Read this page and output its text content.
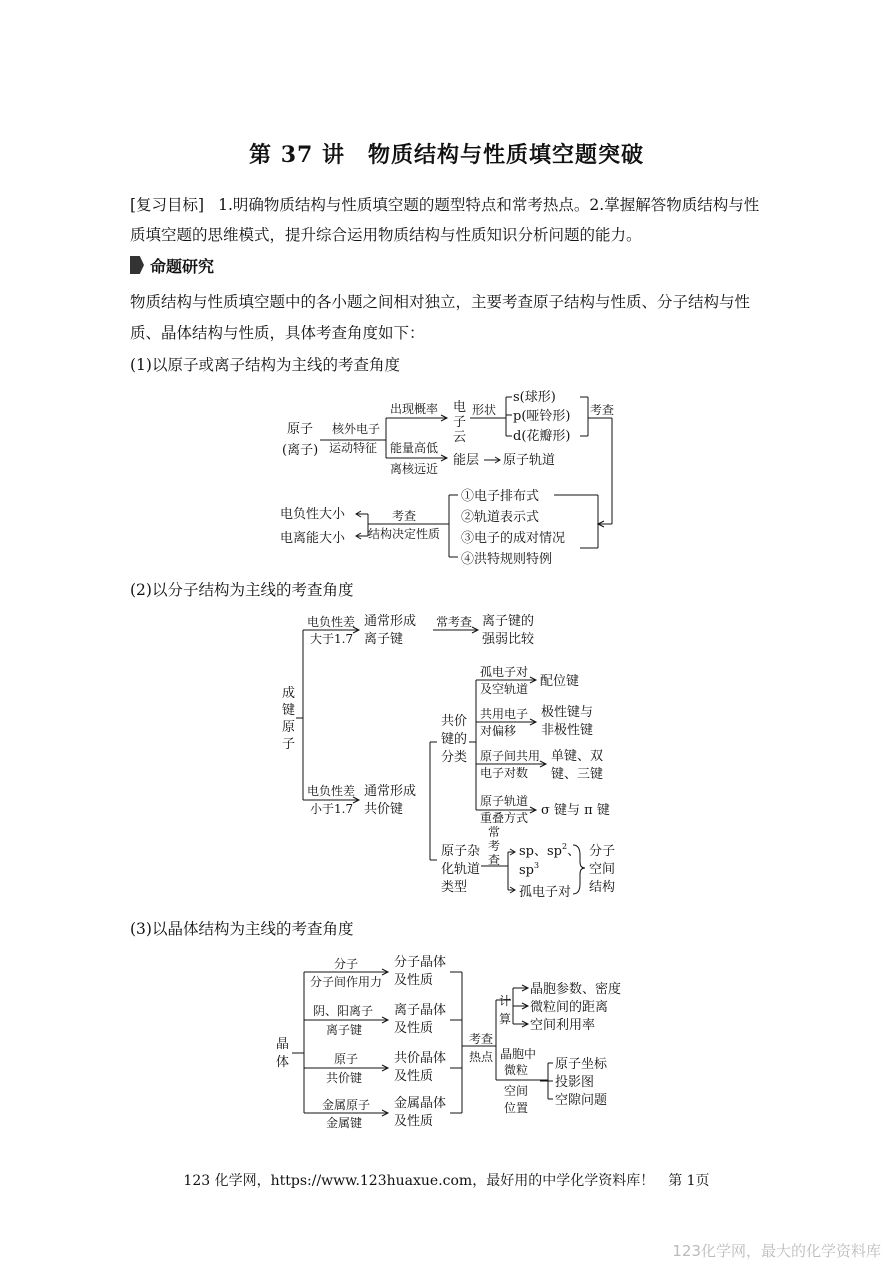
第 37 讲　物质结构与性质填空题突破
[复习目标] 1.明确物质结构与性质填空题的题型特点和常考热点。2.掌握解答物质结构与性
质填空题的思维模式，提升综合运用物质结构与性质知识分析问题的能力。
命题研究
物质结构与性质填空题中的各小题之间相对独立，主要考查原子结构与性质、分子结构与性
质、晶体结构与性质，具体考查角度如下：
(1)以原子或离子结构为主线的考查角度
(2)以分子结构为主线的考查角度
(3)以晶体结构为主线的考查角度
原子
(离子)
核外电子
运动特征
出现概率
能量高低
离核远近
电
子
云
形状
s(球形)
p(哑铃形)
d(花瓣形)
考查
能层 原子轨道
①电子排布式
②轨道表示式
③电子的成对情况
④洪特规则特例
考查
结构决定性质
电负性大小
电离能大小
成
键
原
子
电负性差
大于1.7
通常形成
离子键
常考查 离子键的
强弱比较
电负性差
小于1.7
通常形成
共价键
共价
键的
分类
孤电子对
及空轨道 配位键
共用电子
对偏移
极性键与
非极性键
原子间共用
电子对数
单键、双
键、三键
原子轨道
重叠方式 σ 键与 π 键
原子杂
化轨道
类型
常
考
查
sp、$sp^2$、
$sp^3$
孤电子对
分子
空间
结构
晶
体
分子
分子间作用力
分子晶体
及性质
阴、阳离子
离子键
离子晶体
及性质
原子
共价键
共价晶体
及性质
金属原子
金属键
金属晶体
及性质
考查
热点
计
算
晶胞参数、密度
微粒间的距离
空间利用率
晶胞中
微粒
空间
位置
原子坐标
投影图
空隙问题
123 化学网，https://www.123huaxue.com，最好用的中学化学资料库！　第 1页
123化学网，最大的化学资料库
